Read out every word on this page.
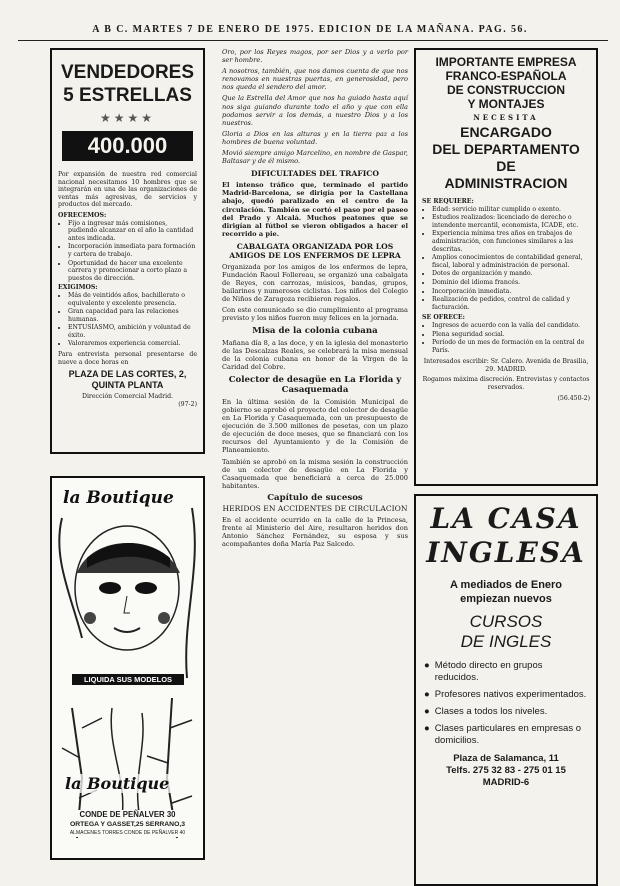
A B C. MARTES 7 DE ENERO DE 1975. EDICION DE LA MAÑANA. PAG. 56.
VENDEDORES
5 ESTRELLAS
★★★★
400.000

Por expansión de nuestra red comercial nacional necesitamos 10 hombres que se integrarán en una de las organizaciones de ventas más agresivas, de servicios y productos del mercado.

OFRECEMOS:
• Fijo a ingresar más comisiones, pudiendo alcanzar en el año la cantidad antes indicada.
• Incorporación inmediata para formación y cartera de trabajo.
• Oportunidad de hacer una excelente carrera y promocionar a corto plazo a puestos de dirección.
EXIGIMOS:
• Más de veintidós años, bachillerato o equivalente y excelente presencia.
• Gran capacidad para las relaciones humanas.
• ENTUSIASMO, ambición y voluntad de éxito.
• Valoraremos experiencia comercial.

Para entrevista personal presentarse de nueve a doce horas en

PLAZA DE LAS CORTES, 2,
QUINTA PLANTA
Dirección Comercial Madrid.
(97-2)
la Boutique
LIQUIDA SUS MODELOS
la Boutique
CONDE DE PEÑALVER 30
ORTEGA Y GASSET,25 SERRANO,3
ALMACENES TORRES CONDE DE PEÑALVER 40

Oro, por los Reyes magos, por ser Dios y a verlo por ser hombre.

A nosotros, también, que nos damos cuenta de que nos renovamos en nuestras puertas, en generosidad, pero nos queda el sendero del amor.

Que la Estrella del Amor que nos ha guiado hasta aquí nos siga guiando durante todo el año y que con ella podamos servir a los demás, a nuestro Dios y a los nuestros.

Gloria a Dios en las alturas y en la tierra paz a los hombres de buena voluntad.

Movió siempre amigo Marcelino, en nombre de Gaspar, Baltasar y de él mismo.

DIFICULTADES DEL TRAFICO

El intenso tráfico que, terminado el partido Madrid-Barcelona, se dirigía por la Castellana abajo, quedó paralizado en el centro de la circulación. También se cortó el paso por el paseo del Prado y Alcalá. Muchos peatones que se dirigían al fútbol se vieron obligados a hacer el recorrido a pie.

CABALGATA ORGANIZADA POR LOS AMIGOS DE LOS ENFERMOS DE LEPRA

Organizada por los amigos de los enfermos de lepra, Fundación Raoul Follereau, se organizó una cabalgata de Reyes, con carrozas, músicos, bandas, grupos, bailarines y numerosos ciclistas. Los niños del Colegio de Niños de Zaragoza recibieron regalos.

Con este comunicado se dio cumplimiento al programa previsto y los niños fueron muy felices en la jornada.

Misa de la colonia cubana

Mañana día 8, a las doce, y en la iglesia del monasterio de las Descalzas Reales, se celebrará la misa mensual de la colonia cubana en honor de la Virgen de la Caridad del Cobre.

Colector de desagüe en La Florida y Casaquemada

En la última sesión de la Comisión Municipal de gobierno se aprobó el proyecto del colector de desagüe en La Florida y Casaquemada, con un presupuesto de ejecución de 3.500 millones de pesetas, con un plazo de ejecución de doce meses, que se financiará con los recursos del Ayuntamiento y de la Comisión de Planeamiento.

También se aprobó en la misma sesión la construcción de un colector de desagüe en La Florida y Casaquemada que beneficiará a cerca de 25.000 habitantes.

Capítulo de sucesos
HERIDOS EN ACCIDENTES DE CIRCULACION

En el accidente ocurrido en la calle de la Princesa, frente al Ministerio del Aire, resultaron heridos don Antonio Sánchez Fernández, su esposa y sus acompañantes doña María Paz Salcedo.

IMPORTANTE EMPRESA
FRANCO-ESPAÑOLA
DE CONSTRUCCION
Y MONTAJES
NECESITA
ENCARGADO
DEL DEPARTAMENTO
DE
ADMINISTRACION
SE REQUIERE:
• Edad: servicio militar cumplido o exento.
• Estudios realizados: licenciado de derecho o intendente mercantil, economista, ICADE, etc.
• Experiencia mínima tres años en trabajos de administración, con funciones similares a las descritas.
• Amplios conocimientos de contabilidad general, fiscal, laboral y administración de personal.
• Dotes de organización y mando.
• Dominio del idioma francés.
• Incorporación inmediata.
• Realización de pedidos, control de calidad y facturación.
SE OFRECE:
• Ingresos de acuerdo con la valía del candidato.
• Plena seguridad social.
• Período de un mes de formación en la central de París.

Interesados escribir: Sr. Calero. Avenida de Brasilia, 29. MADRID.

Rogamos máxima discreción. Entrevistas y contactos reservados.

(56.450-2)
LA CASA
INGLESA
A mediados de Enero
empiezan nuevos
CURSOS
DE INGLES
● Método directo en grupos reducidos.
● Profesores nativos experimentados.
● Clases a todos los niveles.
● Clases particulares en empresas o domicilios.
Plaza de Salamanca, 11
Telfs. 275 32 83 - 275 01 15
MADRID-6
